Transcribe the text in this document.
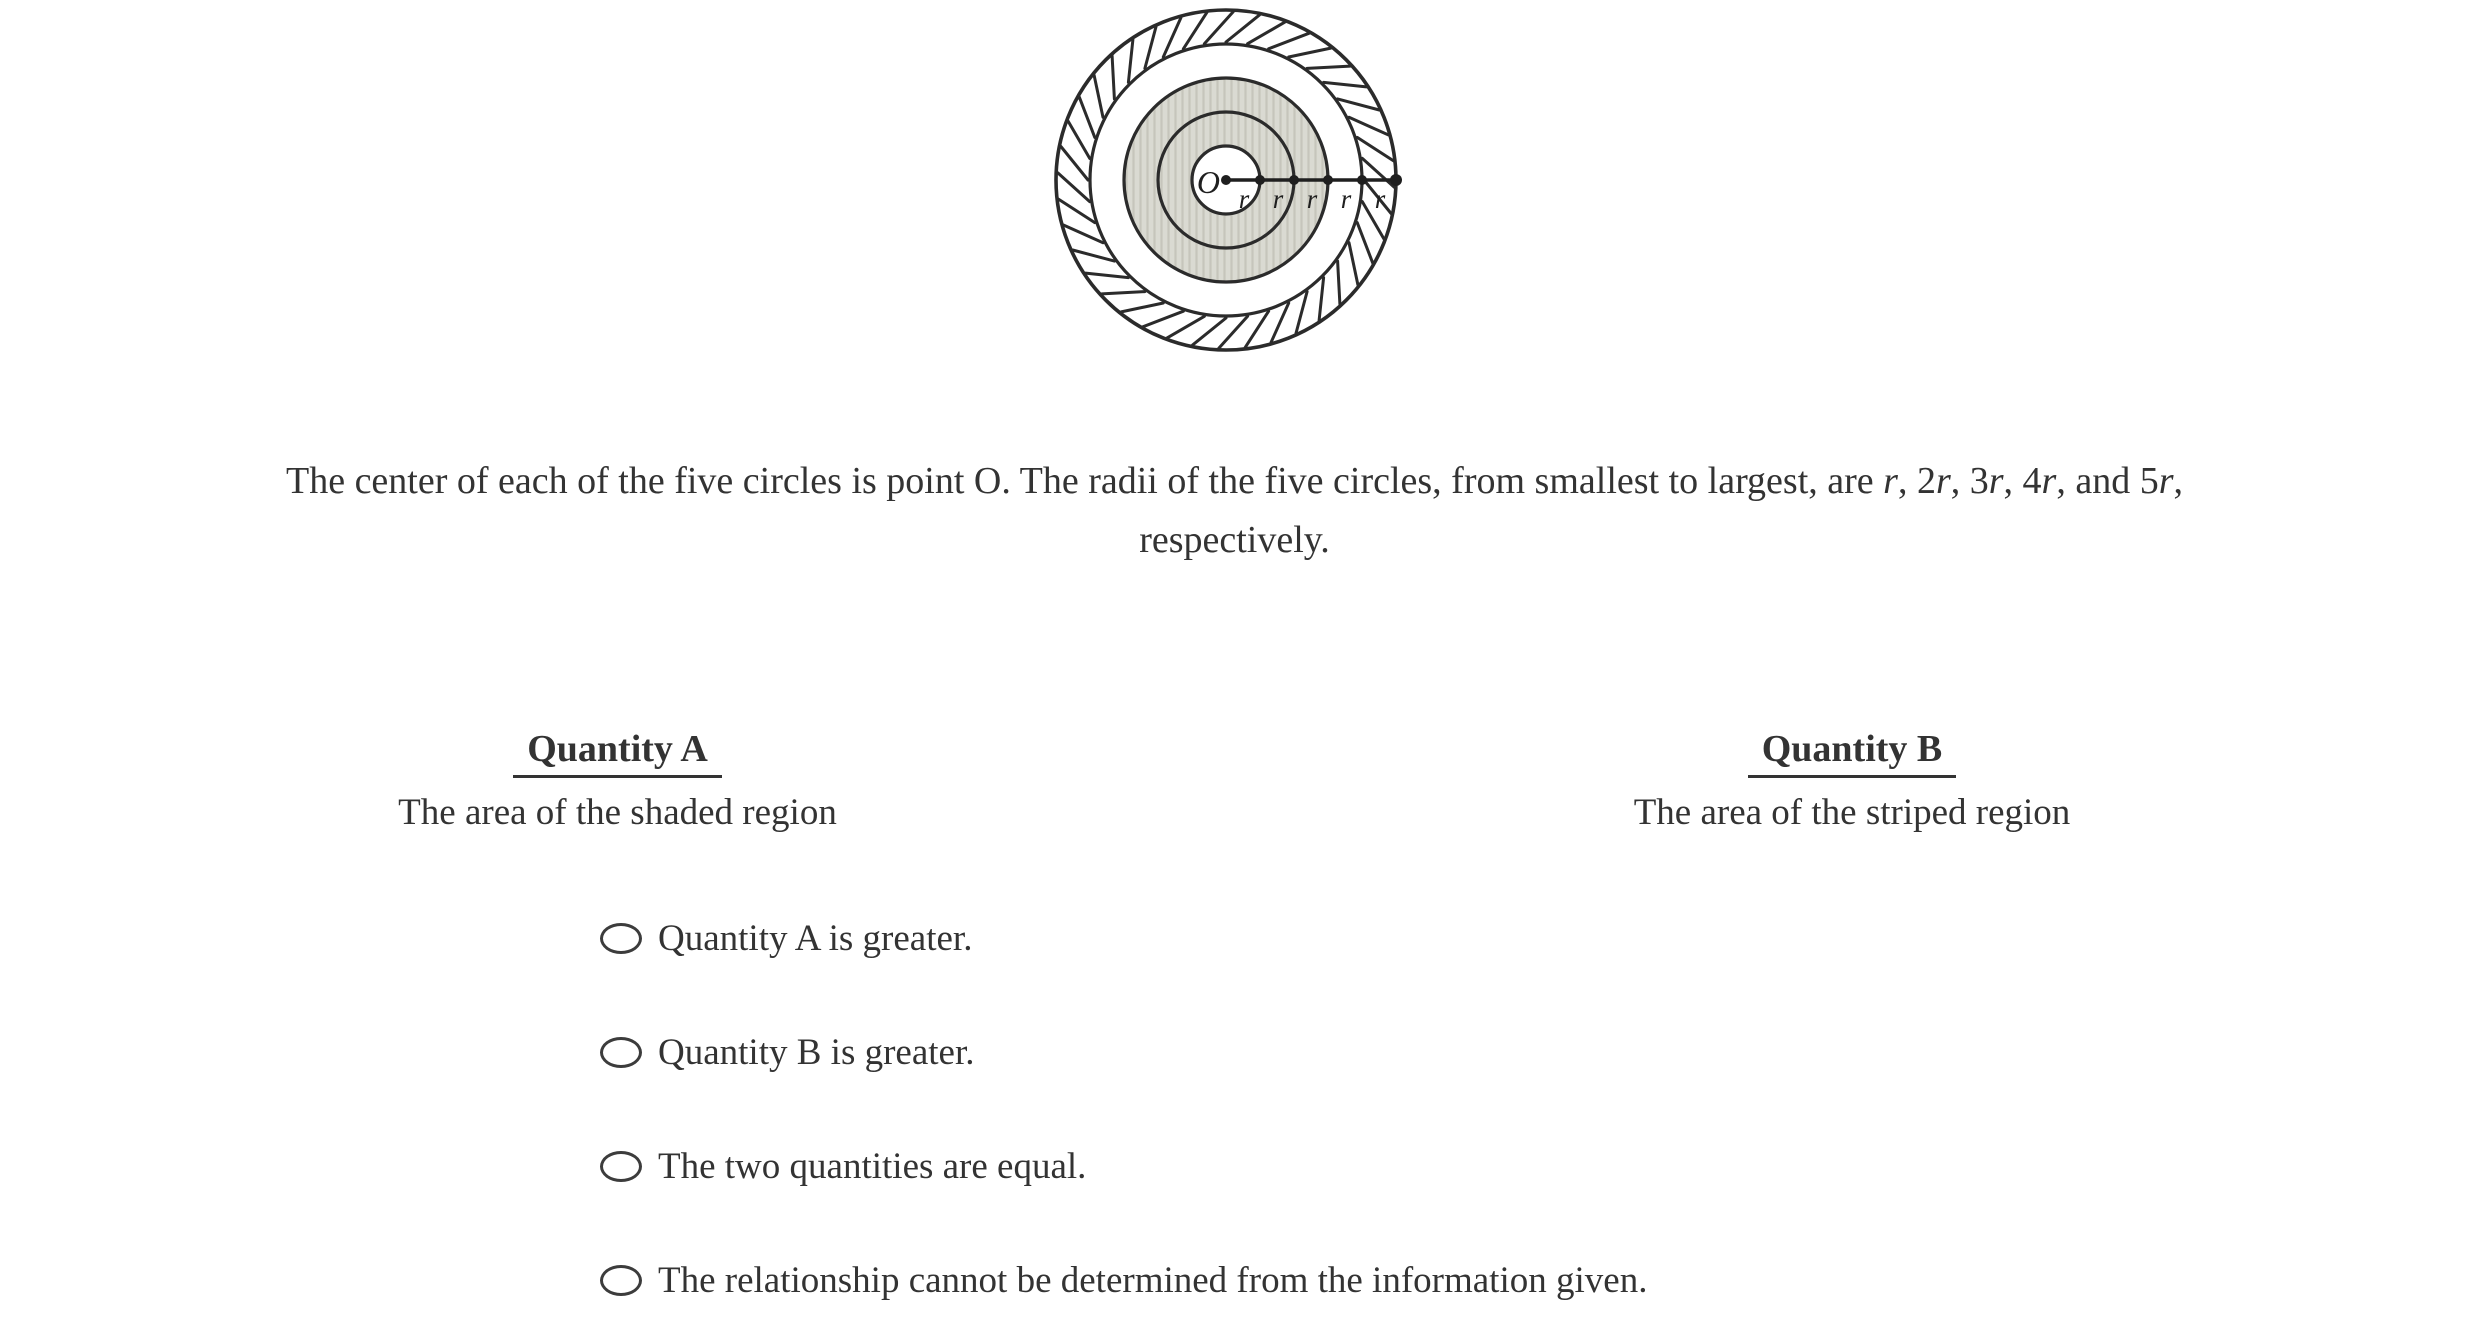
O r r r r r
The center of each of the five circles is point O. The radii of the five circles, from smallest to largest, are r, 2r, 3r, 4r, and 5r,
respectively.
Quantity A
The area of the shaded region
Quantity B
The area of the striped region
Quantity A is greater.
Quantity B is greater.
The two quantities are equal.
The relationship cannot be determined from the information given.
